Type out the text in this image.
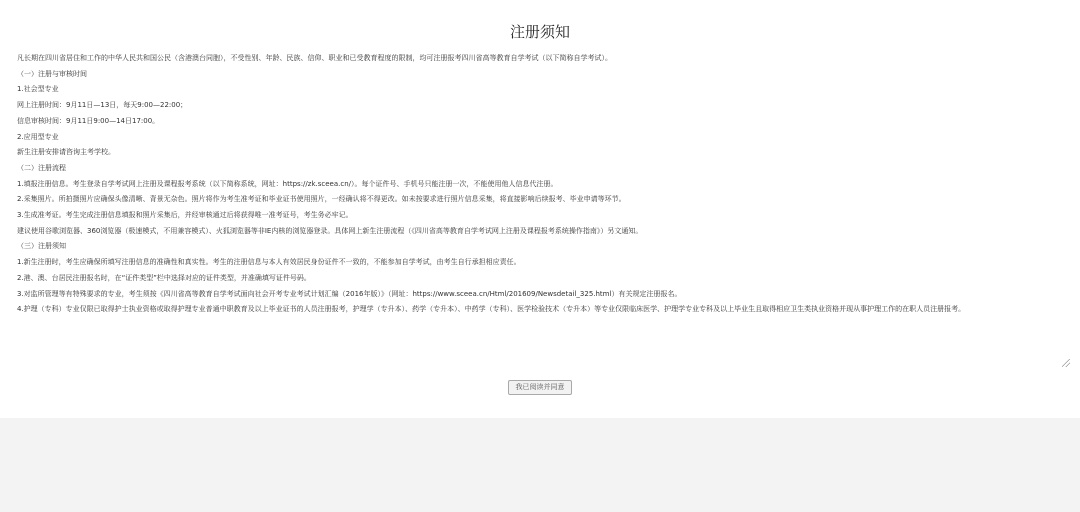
注册须知

凡长期在四川省居住和工作的中华人民共和国公民（含港澳台同胞），不受性别、年龄、民族、信仰、职业和已受教育程度的限制，均可注册报考四川省高等教育自学考试（以下简称自学考试）。

（一）注册与审核时间

1.社会型专业

网上注册时间：9月11日—13日，每天9:00—22:00；

信息审核时间：9月11日9:00—14日17:00。

2.应用型专业

新生注册安排请咨询主考学校。

（二）注册流程

1.填报注册信息。考生登录自学考试网上注册及课程报考系统（以下简称系统，网址：https://zk.sceea.cn/）。每个证件号、手机号只能注册一次，不能使用他人信息代注册。

2.采集照片。所拍摄照片应确保头像清晰、背景无杂色。照片将作为考生准考证和毕业证书使用照片，一经确认将不得更改。如未按要求进行照片信息采集，将直接影响后续报考、毕业申请等环节。

3.生成准考证。考生完成注册信息填报和照片采集后，并经审核通过后将获得唯一准考证号，考生务必牢记。

建议使用谷歌浏览器、360浏览器（极速模式，不用兼容模式）、火狐浏览器等非IE内核的浏览器登录。具体网上新生注册流程（《四川省高等教育自学考试网上注册及课程报考系统操作指南》）另文通知。

（三）注册须知

1.新生注册时，考生应确保所填写注册信息的准确性和真实性。考生的注册信息与本人有效居民身份证件不一致的，不能参加自学考试，由考生自行承担相应责任。

2.港、澳、台居民注册报名时，在“证件类型”栏中选择对应的证件类型，并准确填写证件号码。

3.对监所管理等有特殊要求的专业，考生须按《四川省高等教育自学考试面向社会开考专业考试计划汇编（2016年版）》（网址：https://www.sceea.cn/Html/201609/Newsdetail_325.html）有关规定注册报名。

4.护理（专科）专业仅限已取得护士执业资格或取得护理专业普通中职教育及以上毕业证书的人员注册报考，护理学（专升本）、药学（专升本）、中药学（专科）、医学检验技术（专升本）等专业仅限临床医学、护理学专业专科及以上毕业生且取得相应卫生类执业资格并现从事护理工作的在职人员注册报考。

我已阅读并同意
